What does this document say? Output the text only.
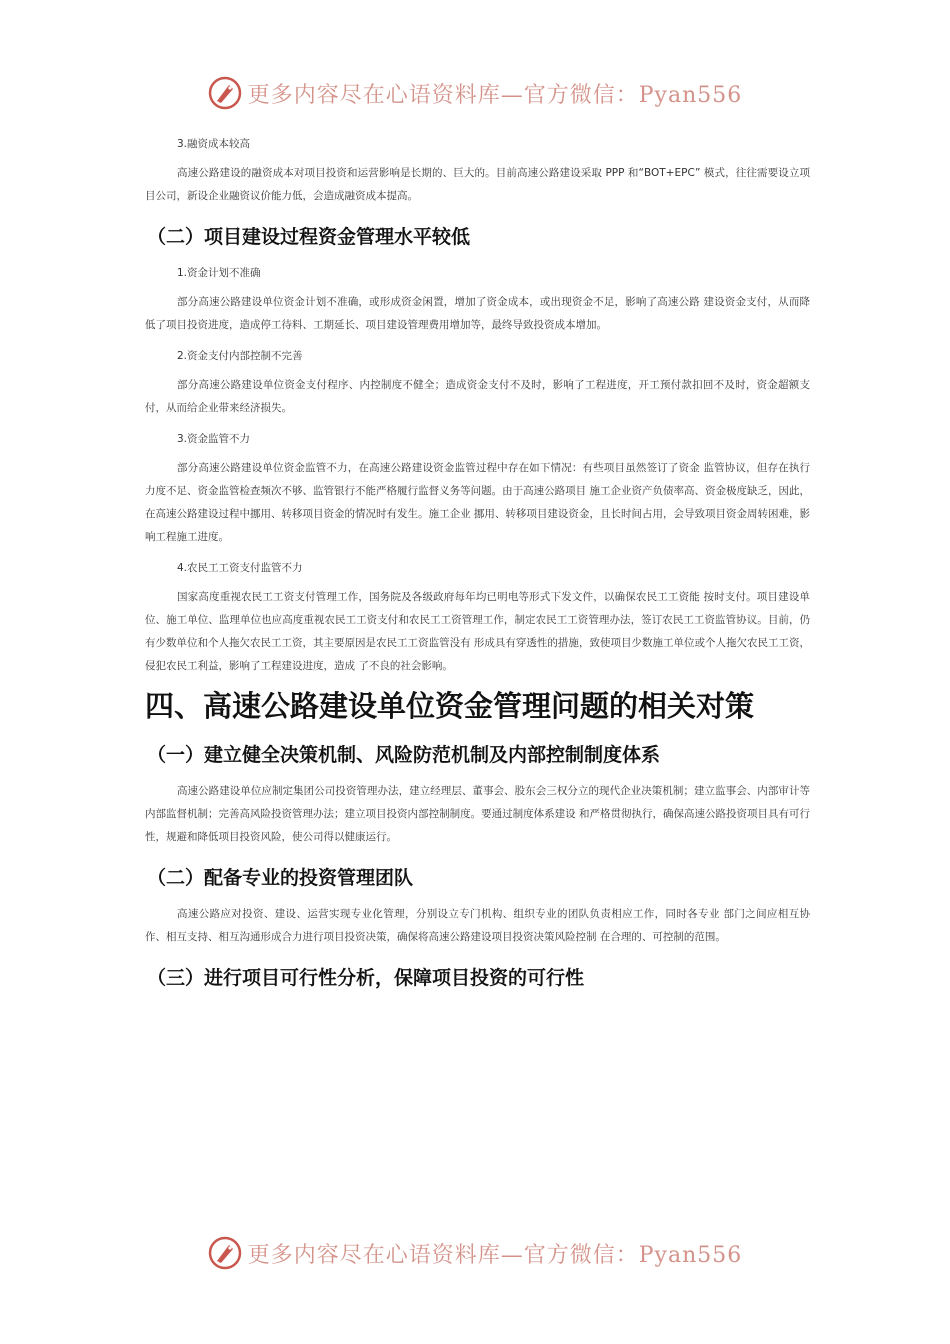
更多内容尽在心语资料库—官方微信：Pyan556
3.融资成本较高

高速公路建设的融资成本对项目投资和运营影响是长期的、巨大的。目前高速公路建设采取 PPP 和“BOT+EPC” 模式，往往需要设立项目公司，新设企业融资议价能力低，会造成融资成本提高。

（二）项目建设过程资金管理水平较低
1.资金计划不准确

部分高速公路建设单位资金计划不准确，或形成资金闲置，增加了资金成本，或出现资金不足，影响了高速公路 建设资金支付，从而降低了项目投资进度，造成停工待料、工期延长、项目建设管理费用增加等，最终导致投资成本增加。

2.资金支付内部控制不完善

部分高速公路建设单位资金支付程序、内控制度不健全；造成资金支付不及时，影响了工程进度，开工预付款扣回不及时，资金超额支付，从而给企业带来经济损失。

3.资金监管不力

部分高速公路建设单位资金监管不力，在高速公路建设资金监管过程中存在如下情况：有些项目虽然签订了资金 监管协议，但存在执行力度不足、资金监管检查频次不够、监管银行不能严格履行监督义务等问题。由于高速公路项目 施工企业资产负债率高、资金极度缺乏，因此，在高速公路建设过程中挪用、转移项目资金的情况时有发生。施工企业 挪用、转移项目建设资金，且长时间占用，会导致项目资金周转困难，影响工程施工进度。

4.农民工工资支付监管不力

国家高度重视农民工工资支付管理工作，国务院及各级政府每年均已明电等形式下发文件，以确保农民工工资能 按时支付。项目建设单位、施工单位、监理单位也应高度重视农民工工资支付和农民工工资管理工作，制定农民工工资管理办法，签订农民工工资监管协议。目前，仍有少数单位和个人拖欠农民工工资，其主要原因是农民工工资监管没有 形成具有穿透性的措施，致使项目少数施工单位或个人拖欠农民工工资，侵犯农民工利益，影响了工程建设进度，造成 了不良的社会影响。

四、高速公路建设单位资金管理问题的相关对策
（一）建立健全决策机制、风险防范机制及内部控制制度体系

高速公路建设单位应制定集团公司投资管理办法，建立经理层、董事会、股东会三权分立的现代企业决策机制；建立监事会、内部审计等内部监督机制；完善高风险投资管理办法；建立项目投资内部控制制度。要通过制度体系建设 和严格贯彻执行，确保高速公路投资项目具有可行性，规避和降低项目投资风险，使公司得以健康运行。

（二）配备专业的投资管理团队

高速公路应对投资、建设、运营实现专业化管理，分别设立专门机构、组织专业的团队负责相应工作，同时各专业 部门之间应相互协作、相互支持、相互沟通形成合力进行项目投资决策，确保将高速公路建设项目投资决策风险控制 在合理的、可控制的范围。

（三）进行项目可行性分析，保障项目投资的可行性
更多内容尽在心语资料库—官方微信：Pyan556
